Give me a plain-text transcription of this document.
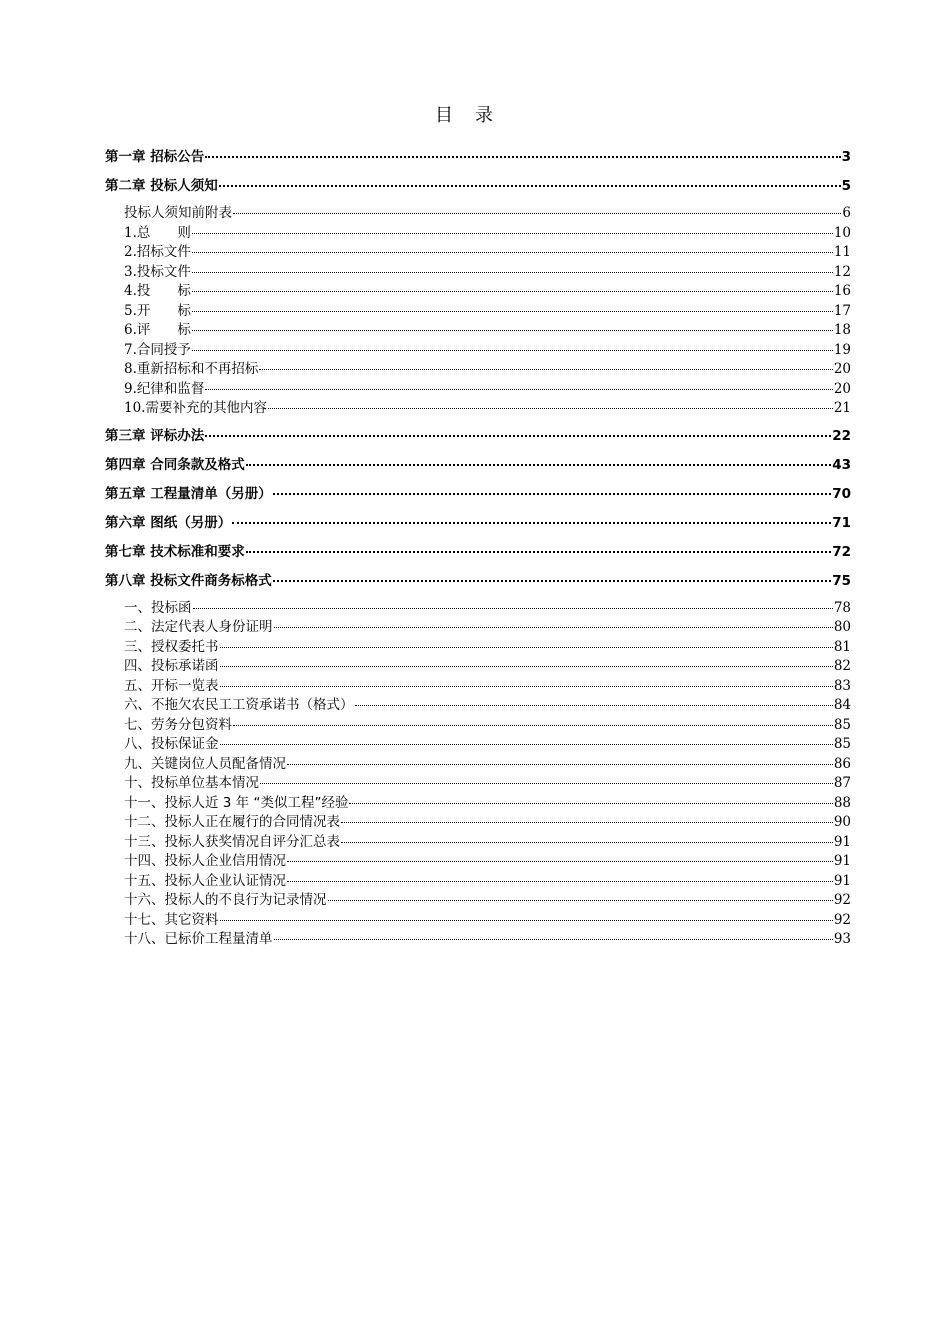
目录
第一章 招标公告	3
第二章 投标人须知	5
投标人须知前附表	6
1.总　　则	10
2.招标文件	11
3.投标文件	12
4.投　　标	16
5.开　　标	17
6.评　　标	18
7.合同授予	19
8.重新招标和不再招标	20
9.纪律和监督	20
10.需要补充的其他内容	21
第三章 评标办法	22
第四章 合同条款及格式	43
第五章 工程量清单（另册）	70
第六章 图纸（另册）	71
第七章 技术标准和要求	72
第八章 投标文件商务标格式	75
一、投标函	78
二、法定代表人身份证明	80
三、授权委托书	81
四、投标承诺函	82
五、开标一览表	83
六、不拖欠农民工工资承诺书（格式）	84
七、劳务分包资料	85
八、投标保证金	85
九、关键岗位人员配备情况	86
十、投标单位基本情况	87
十一、投标人近 3 年 “类似工程”经验	88
十二、投标人正在履行的合同情况表	90
十三、投标人获奖情况自评分汇总表	91
十四、投标人企业信用情况	91
十五、投标人企业认证情况	91
十六、投标人的不良行为记录情况	92
十七、其它资料	92
十八、已标价工程量清单	93
